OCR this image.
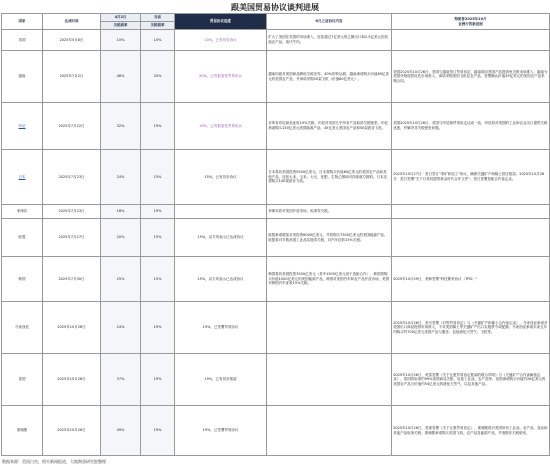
跟美国贸易协议谈判进展
国家	达成时间	4月2日	当前	贸易协议进度	8月之前协议内容	特朗普2025年10月
亚洲行的新进展
		关税税率	关税税率			
英国	2025年5月8日	10%	10%	10%，已有初步协议	扩大了美国在英国的市场准入，包括超过7亿美元的乙醇出口和2.5亿美元的其他农产品，取代牛肉。	
越南	2025年7月2日	46%	20%	20%，已有框架性贸易协议	越南同意对美国商品降低关税至零，40%的转运税，越南承诺购买价值80亿美元的美国农产品，并承诺采购50架飞机（价值80亿美元）。	美国2025年10月26日，美国与越南签订贸易协定，越南将向美国产品提供免关税市场准入；越南为美国货物提供优先市场准入，承诺采购美国飞机及农产品，签署确认价值29亿美元的美国农产品采购合同。
印尼	2025年7月22日	32%	19%	19%，已有框架性贸易协议	对所有印尼商品征收19%关税，印尼对美国几乎所有产品取消关税壁垒，印尼承诺购买150亿美元美国能源产品、45亿美元美国农产品和50架波音飞机。	美国2025年10月26日，美国与印尼就贸易协定达成一致，印尼将对美国的工业和农业出口提供关税优惠，并解决非关税壁垒问题。
日本	2025年7月23日	24%	15%	15%，已有初步协议	日本将向美国投资5500亿美元，日本将购买价值80亿美元的美国农产品和其他产品，包括大米、玉米、大豆、化肥、生物乙醇和可持续航空燃料，日本还将购买100架波音飞机。	2025年10月27日：美日签订"采矿和加工"协议，确保关键矿产和稀土供应框架；2025年10月28日：美日签署"关于日美同盟的黄金时代合作文件"，美日签署造船合作备忘录。
菲律宾	2025年7月23日	18%	19%		菲律宾将对美国开放市场，取消零关税。	
欧盟	2025年7月27日	20%	15%	15%，双方均表示已达成协议	欧盟承诺增加对美投资6000亿美元，并将购买7500亿美元的美国能源产品，欧盟将对多数美国工业品实施零关税，对汽车征收15%关税。	
韩国	2025年7月30日	25%	15%	15%，双方均表示已达成协议	韩国将向美国投资3500亿美元（其中1500亿美元用于造船合作），韩国将购买价值1000亿美元的美国能源产品，韩国对美国汽车和农产品开放市场，美国对韩国汽车征收15%关税。	2025年10月29日，美韩签署"科技繁荣协议（TPD）"
马来西亚	2025年10月26日	24%	19%	19%，已签署贸易协议		2025年10月26日，美马签署《对等贸易协定》与《关键矿产和稀土合作备忘录》，马来西亚承诺对美国出口商品提供市场准入，不对美国稀土等关键矿产出口实施禁令或配额；马来西亚承诺未来五年内购买约700亿美元美国产品与服务，包括液化天然气、飞机等。
泰国	2025年10月26日	37%	19%	19%，已有初步框架		2025年10月26日，美泰签署《关于互惠贸易协定框架的联合声明》与《关键矿产合作谅解备忘录》，泰国将取消约99%美国商品关税，包括工业品、农产品等；泰国承诺购买价值约26亿美元的美国农产品与价值约54亿美元的液化天然气，以及其他产品。
柬埔寨	2025年10月26日	49%	19%	19%，已签署贸易协议		2025年10月26日，美柬签署《关于互惠贸易协定》，柬埔寨将对美国所有工业品、农产品、食品和其他产品取消关税；柬埔寨承诺购买美国飞机、农产品及能源产品，并消除非关税壁垒。
数据来源：美国白宫，相关新闻报道，大地期货研究院整理
